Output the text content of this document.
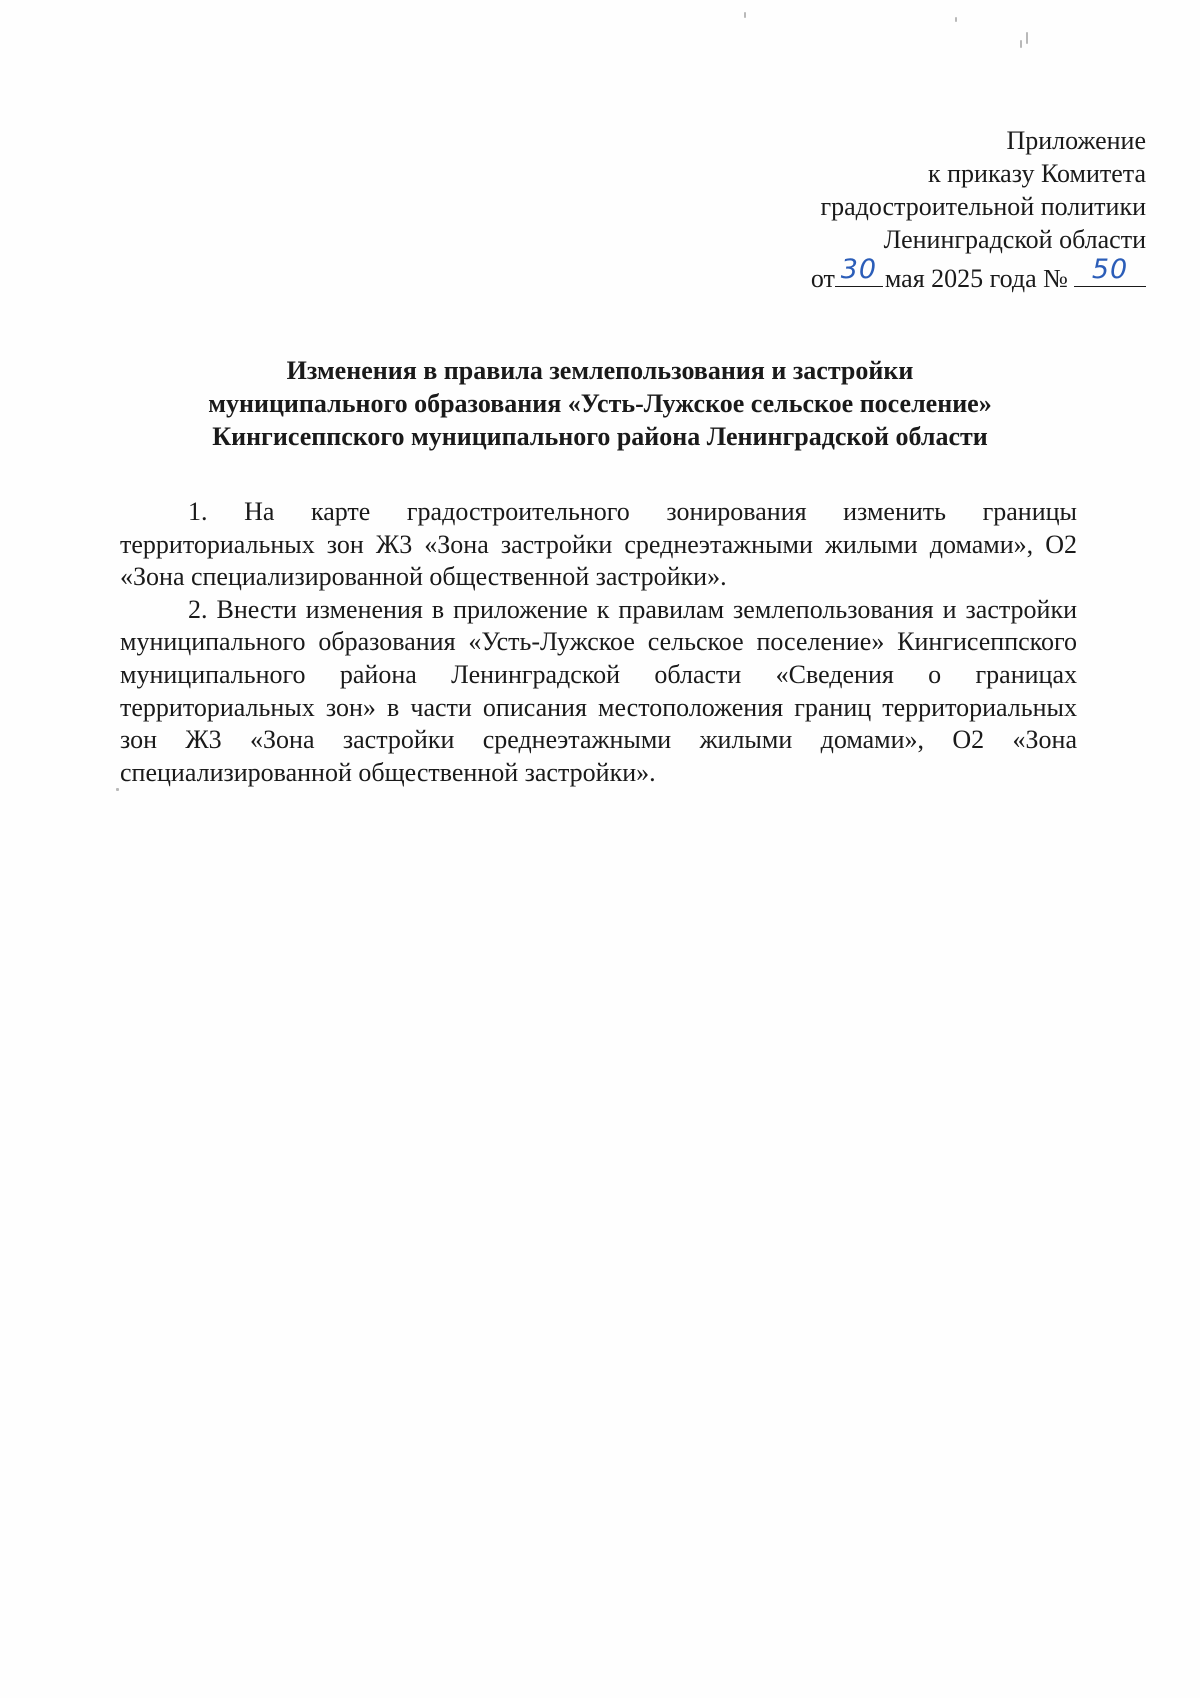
Приложение
к приказу Комитета
градостроительной политики
Ленинградской области
от 30 мая 2025 года № 50
Изменения в правила землепользования и застройки
муниципального образования «Усть-Лужское сельское поселение»
Кингисеппского муниципального района Ленинградской области

1. На карте градостроительного зонирования изменить границы территориальных зон Ж3 «Зона застройки среднеэтажными жилыми домами», О2 «Зона специализированной общественной застройки».

2. Внести изменения в приложение к правилам землепользования и застройки муниципального образования «Усть-Лужское сельское поселение» Кингисеппского муниципального района Ленинградской области «Сведения о границах территориальных зон» в части описания местоположения границ территориальных зон Ж3 «Зона застройки среднеэтажными жилыми домами», О2 «Зона специализированной общественной застройки».
